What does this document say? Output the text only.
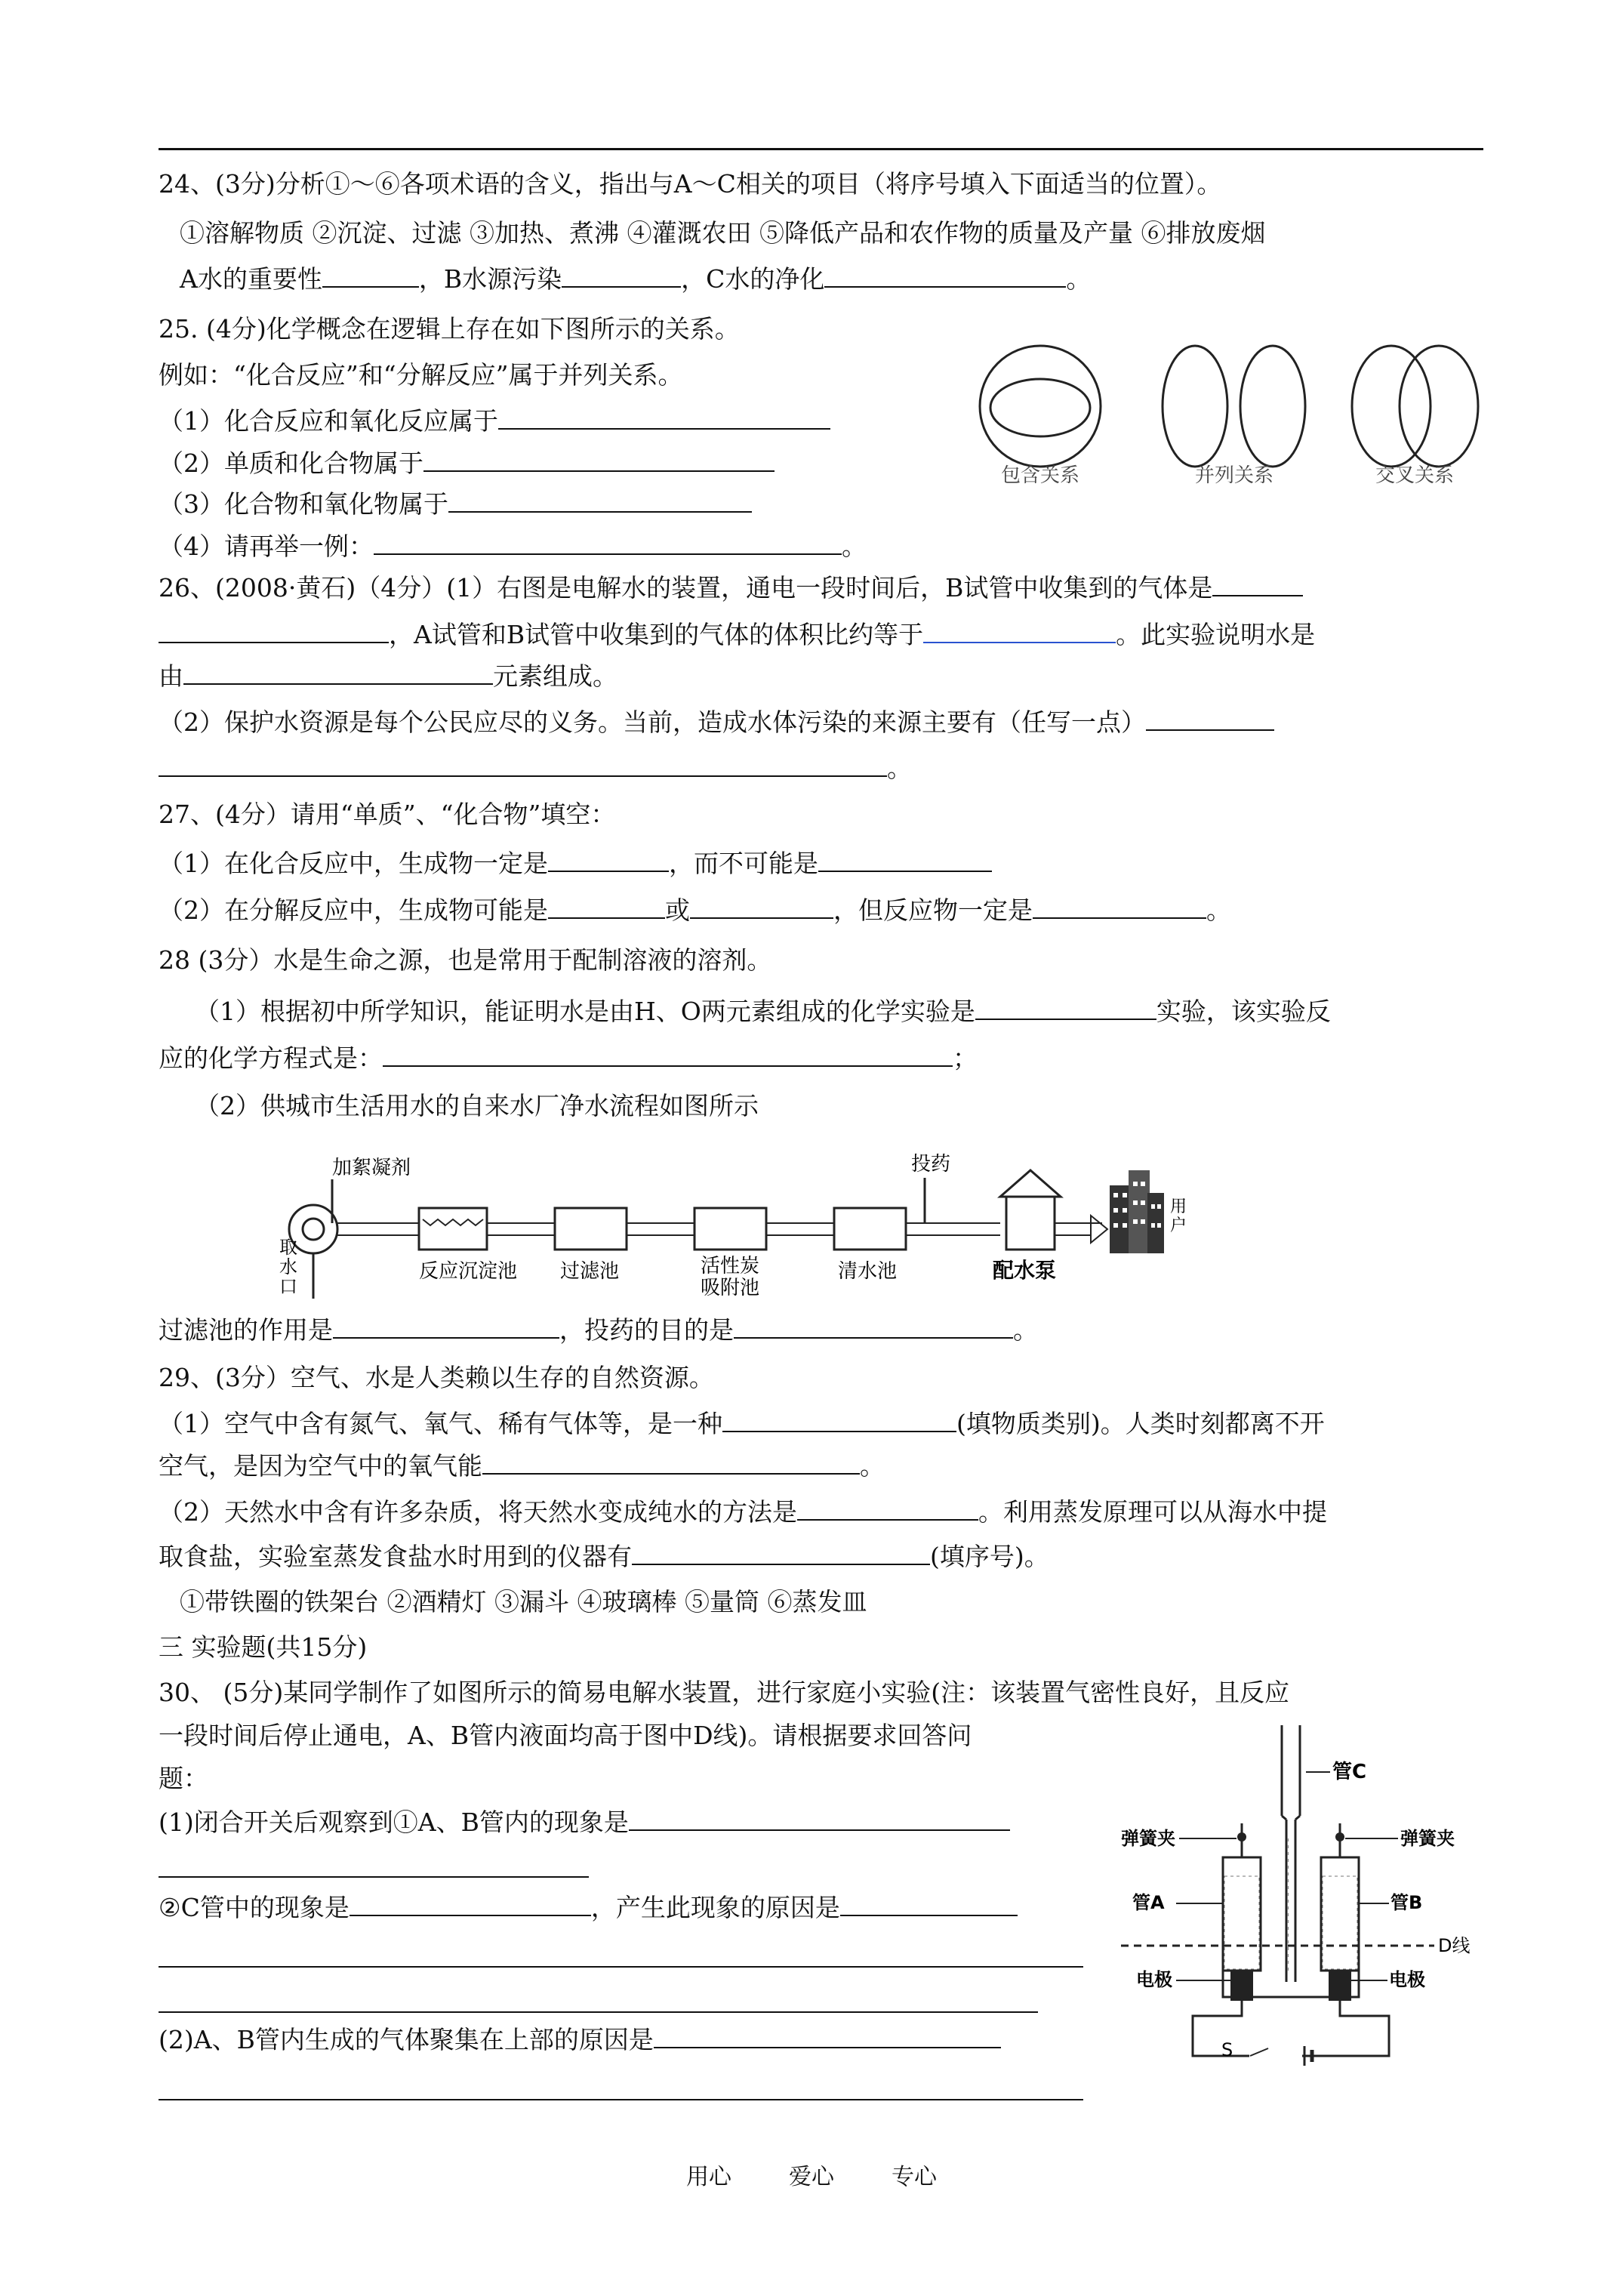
24、(3分)分析①～⑥各项术语的含义，指出与A～C相关的项目（将序号填入下面适当的位置）。
①溶解物质 ②沉淀、过滤 ③加热、煮沸 ④灌溉农田 ⑤降低产品和农作物的质量及产量 ⑥排放废烟
A水的重要性	，B水源污染	，C水的净化	。
25. (4分)化学概念在逻辑上存在如下图所示的关系。
例如：“化合反应”和“分解反应”属于并列关系。
（1）化合反应和氧化反应属于
（2）单质和化合物属于
（3）化合物和氧化物属于
（4）请再举一例：	。
包含关系	并列关系	交叉关系
26、(2008·黄石)（4分）(1）右图是电解水的装置，通电一段时间后，B试管中收集到的气体是
，A试管和B试管中收集到的气体的体积比约等于	。此实验说明水是
由	元素组成。
（2）保护水资源是每个公民应尽的义务。当前，造成水体污染的来源主要有（任写一点）
。
27、(4分）请用“单质”、“化合物”填空：
（1）在化合反应中，生成物一定是	，而不可能是
（2）在分解反应中，生成物可能是	或	，但反应物一定是	。
28 (3分）水是生命之源，也是常用于配制溶液的溶剂。
（1）根据初中所学知识，能证明水是由H、O两元素组成的化学实验是	实验，该实验反
应的化学方程式是：	；
（2）供城市生活用水的自来水厂净水流程如图所示
加絮凝剂
取
水
口
投药
用
户
反应沉淀池 过滤池	活性炭
吸附池
清水池	配水泵
过滤池的作用是	，投药的目的是	。
29、(3分）空气、水是人类赖以生存的自然资源。
（1）空气中含有氮气、氧气、稀有气体等，是一种	(填物质类别)。人类时刻都离不开
空气，是因为空气中的氧气能	。
（2）天然水中含有许多杂质，将天然水变成纯水的方法是	。利用蒸发原理可以从海水中提
取食盐，实验室蒸发食盐水时用到的仪器有	(填序号)。
①带铁圈的铁架台 ②酒精灯 ③漏斗 ④玻璃棒 ⑤量筒 ⑥蒸发皿
三 实验题(共15分)
30、 (5分)某同学制作了如图所示的简易电解水装置，进行家庭小实验(注：该装置气密性良好，且反应
一段时间后停止通电，A、B管内液面均高于图中D线)。请根据要求回答问
题：
(1)闭合开关后观察到①A、B管内的现象是
②C管中的现象是	，产生此现象的原因是
(2)A、B管内生成的气体聚集在上部的原因是
管C
弹簧夹	弹簧夹
管A	管B
D线
电极	电极
S
用心	爱心	专心
